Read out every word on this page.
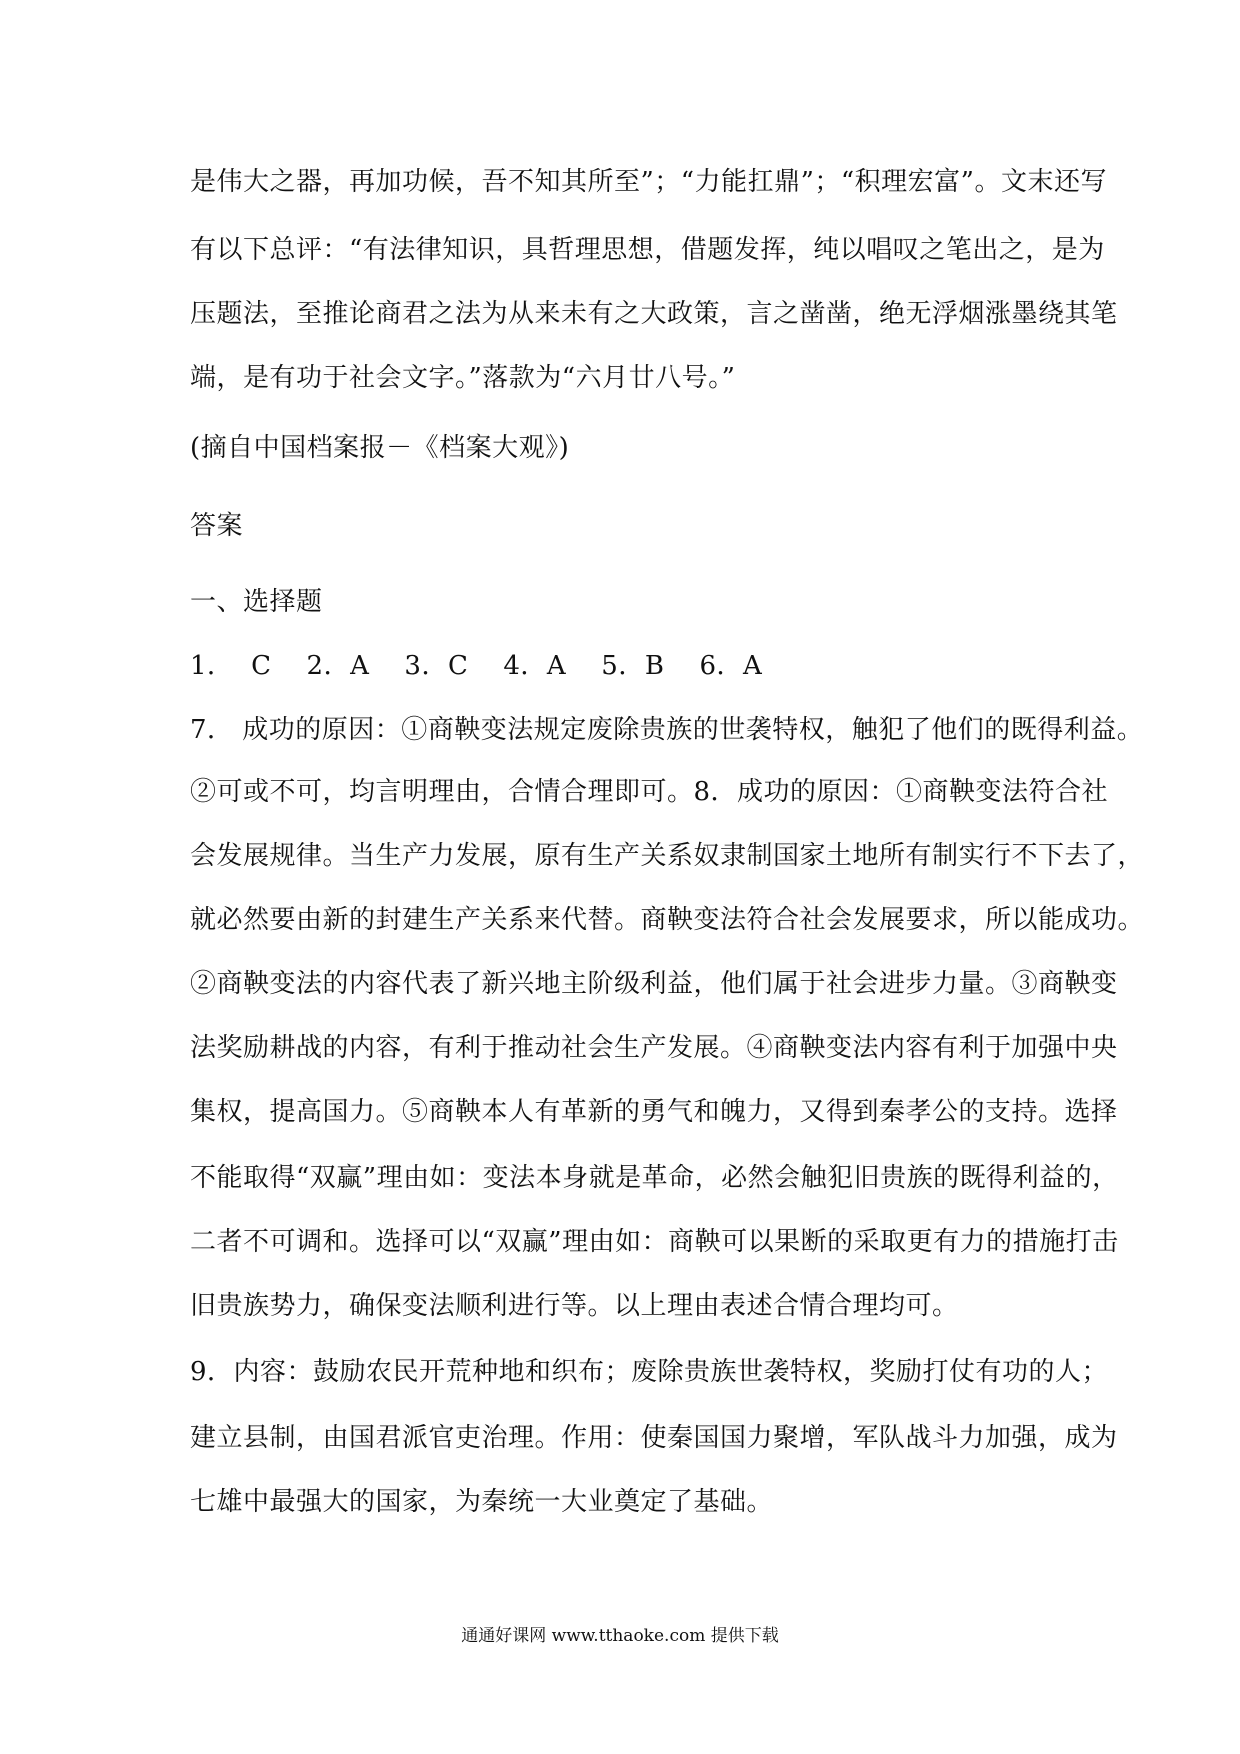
是伟大之器，再加功候，吾不知其所至”；“力能扛鼎”；“积理宏富”。文末还写
有以下总评：“有法律知识，具哲理思想，借题发挥，纯以唱叹之笔出之，是为
压题法，至推论商君之法为从来未有之大政策，言之凿凿，绝无浮烟涨墨绕其笔
端，是有功于社会文字。”落款为“六月廿八号。”
(摘自中国档案报－《档案大观》)
答案
一、选择题
1．  C    2．A    3．C    4．A    5．B    6．A
7． 成功的原因：①商鞅变法规定废除贵族的世袭特权，触犯了他们的既得利益。
②可或不可，均言明理由，合情合理即可。8．成功的原因：①商鞅变法符合社
会发展规律。当生产力发展，原有生产关系奴隶制国家土地所有制实行不下去了，
就必然要由新的封建生产关系来代替。商鞅变法符合社会发展要求，所以能成功。
②商鞅变法的内容代表了新兴地主阶级利益，他们属于社会进步力量。③商鞅变
法奖励耕战的内容，有利于推动社会生产发展。④商鞅变法内容有利于加强中央
集权，提高国力。⑤商鞅本人有革新的勇气和魄力，又得到秦孝公的支持。选择
不能取得“双赢”理由如：变法本身就是革命，必然会触犯旧贵族的既得利益的，
二者不可调和。选择可以“双赢”理由如：商鞅可以果断的采取更有力的措施打击
旧贵族势力，确保变法顺利进行等。以上理由表述合情合理均可。
9．内容：鼓励农民开荒种地和织布；废除贵族世袭特权，奖励打仗有功的人；
建立县制，由国君派官吏治理。作用：使秦国国力聚增，军队战斗力加强，成为
七雄中最强大的国家，为秦统一大业奠定了基础。
通通好课网 www.tthaoke.com 提供下载
